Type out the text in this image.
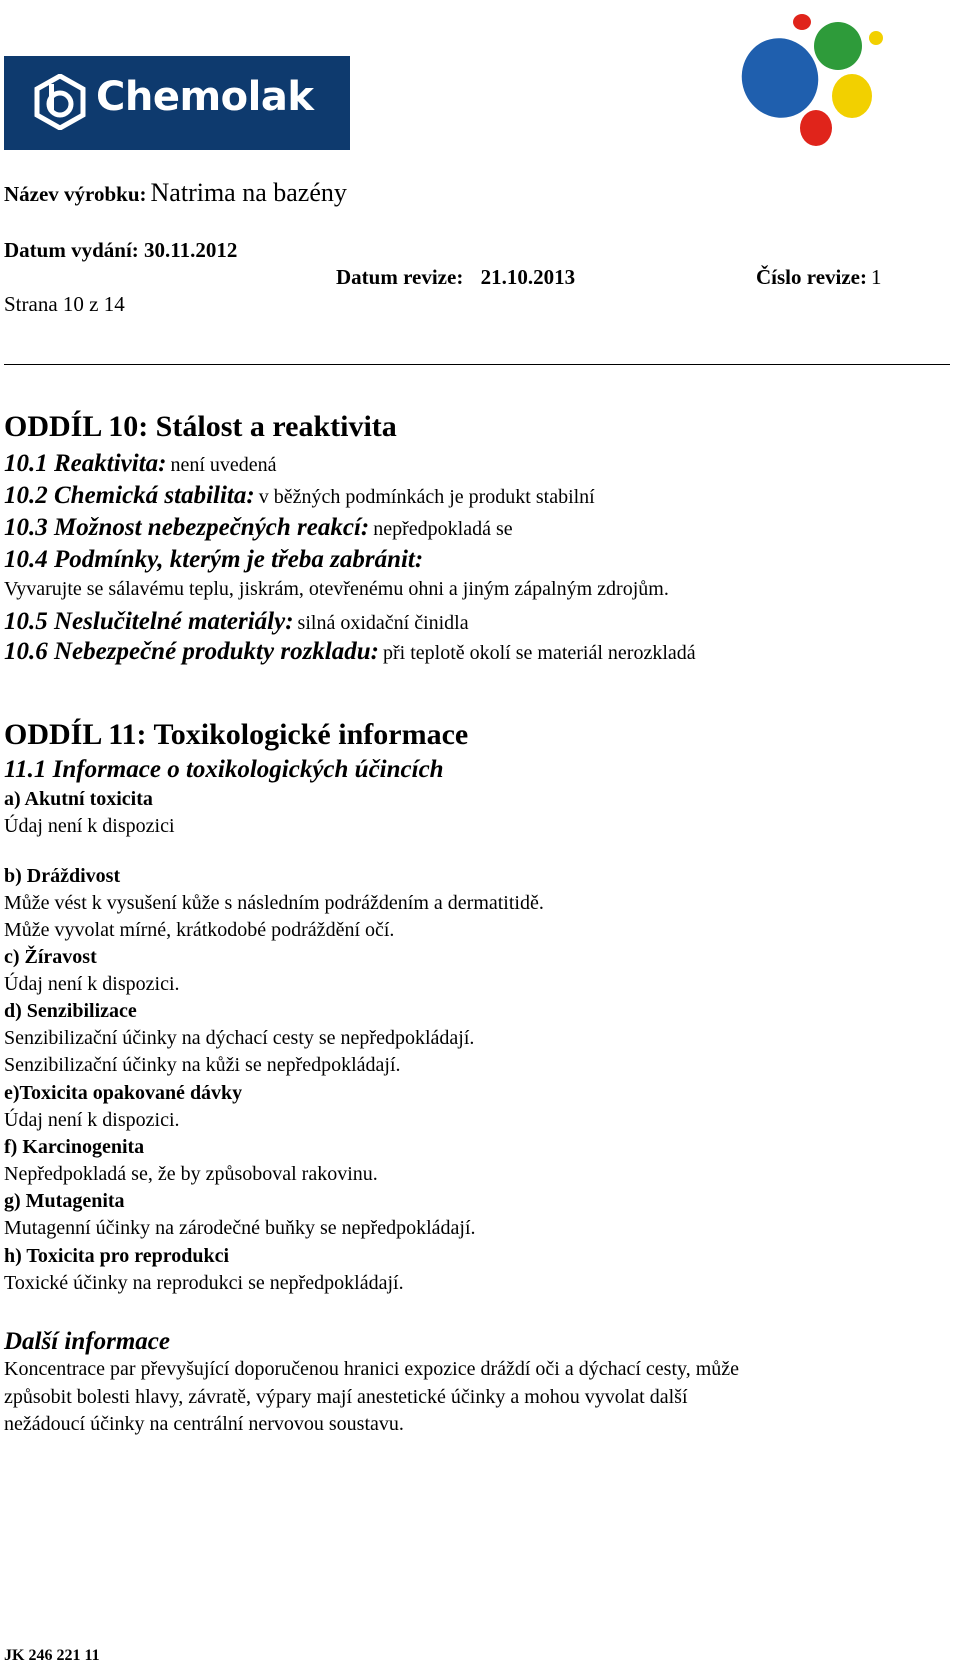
Chemolak
Název výrobku: Natrima na bazény
Datum vydání: 30.11.2012
Datum revize: 21.10.2013	Číslo revize: 1
Strana 10 z 14
ODDÍL 10: Stálost a reaktivita
10.1 Reaktivita: není uvedená
10.2 Chemická stabilita: v běžných podmínkách je produkt stabilní
10.3 Možnost nebezpečných reakcí: nepředpokladá se
10.4 Podmínky, kterým je třeba zabránit:
Vyvarujte se sálavému teplu, jiskrám, otevřenému ohni a jiným zápalným zdrojům.
10.5 Neslučitelné materiály: silná oxidační činidla
10.6 Nebezpečné produkty rozkladu: při teplotě okolí se materiál nerozkladá
ODDÍL 11: Toxikologické informace
11.1 Informace o toxikologických účincích
a) Akutní toxicita
Údaj není k dispozici
b) Dráždivost
Může vést k vysušení kůže s následním podráždením a dermatitidě.
Může vyvolat mírné, krátkodobé podráždění očí.
c) Žíravost
Údaj není k dispozici.
d) Senzibilizace
Senzibilizační účinky na dýchací cesty se nepředpokládají.
Senzibilizační účinky na kůži se nepředpokládají.
e)Toxicita opakované dávky
Údaj není k dispozici.
f) Karcinogenita
Nepředpokladá se, že by způsoboval rakovinu.
g) Mutagenita
Mutagenní účinky na zárodečné buňky se nepředpokládají.
h) Toxicita pro reprodukci
Toxické účinky na reprodukci se nepředpokládají.
Další informace
Koncentrace par převyšující doporučenou hranici expozice dráždí oči a dýchací cesty, může
způsobit bolesti hlavy, závratě, výpary mají anestetické účinky a mohou vyvolat další
nežádoucí účinky na centrální nervovou soustavu.
JK 246 221 11
